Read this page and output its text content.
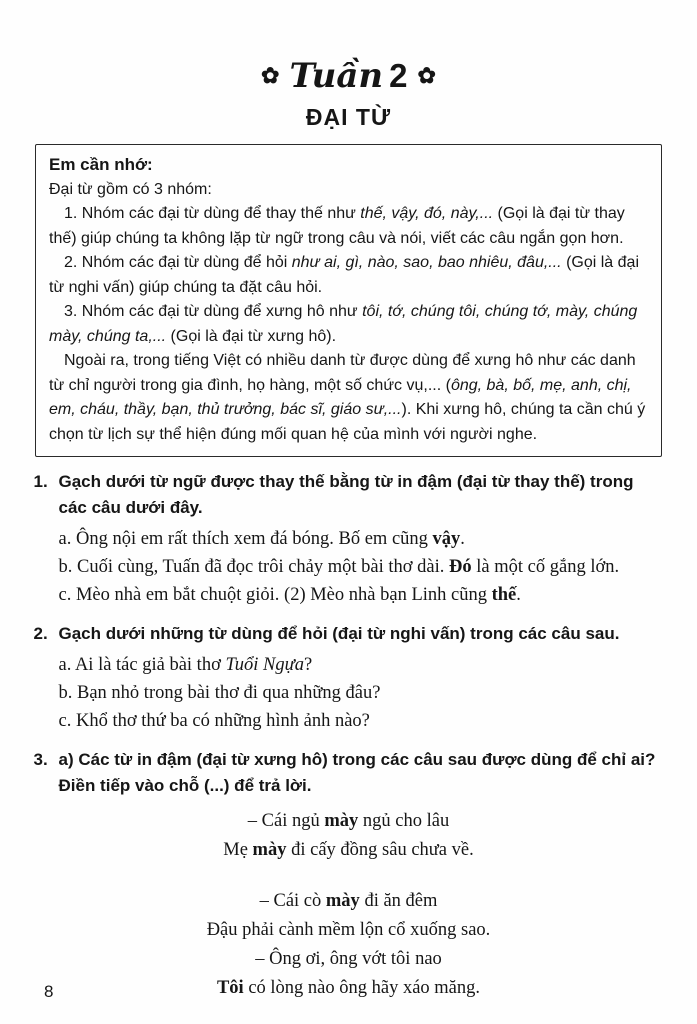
✿ Tuần 2 ✿
ĐẠI TỪ

Em cần nhớ:

Đại từ gồm có 3 nhóm:

1. Nhóm các đại từ dùng để thay thế như thế, vậy, đó, này,... (Gọi là đại từ thay thế) giúp chúng ta không lặp từ ngữ trong câu và nói, viết các câu ngắn gọn hơn.

2. Nhóm các đại từ dùng để hỏi như ai, gì, nào, sao, bao nhiêu, đâu,... (Gọi là đại từ nghi vấn) giúp chúng ta đặt câu hỏi.

3. Nhóm các đại từ dùng để xưng hô như tôi, tớ, chúng tôi, chúng tớ, mày, chúng mày, chúng ta,... (Gọi là đại từ xưng hô).

Ngoài ra, trong tiếng Việt có nhiều danh từ được dùng để xưng hô như các danh từ chỉ người trong gia đình, họ hàng, một số chức vụ,... (ông, bà, bố, mẹ, anh, chị, em, cháu, thầy, bạn, thủ trưởng, bác sĩ, giáo sư,...). Khi xưng hô, chúng ta cần chú ý chọn từ lịch sự thể hiện đúng mối quan hệ của mình với người nghe.

1. Gạch dưới từ ngữ được thay thế bằng từ in đậm (đại từ thay thế) trong các câu dưới đây.

a. Ông nội em rất thích xem đá bóng. Bố em cũng vậy.

b. Cuối cùng, Tuấn đã đọc trôi chảy một bài thơ dài. Đó là một cố gắng lớn.

c. Mèo nhà em bắt chuột giỏi. (2) Mèo nhà bạn Linh cũng thế.

2. Gạch dưới những từ dùng để hỏi (đại từ nghi vấn) trong các câu sau.

a. Ai là tác giả bài thơ Tuổi Ngựa?

b. Bạn nhỏ trong bài thơ đi qua những đâu?

c. Khổ thơ thứ ba có những hình ảnh nào?

3. a) Các từ in đậm (đại từ xưng hô) trong các câu sau được dùng để chỉ ai? Điền tiếp vào chỗ (...) để trả lời.

– Cái ngủ mày ngủ cho lâu

Mẹ mày đi cấy đồng sâu chưa về.

– Cái cò mày đi ăn đêm

Đậu phải cành mềm lộn cổ xuống sao.

– Ông ơi, ông vớt tôi nao

Tôi có lòng nào ông hãy xáo măng.

8
